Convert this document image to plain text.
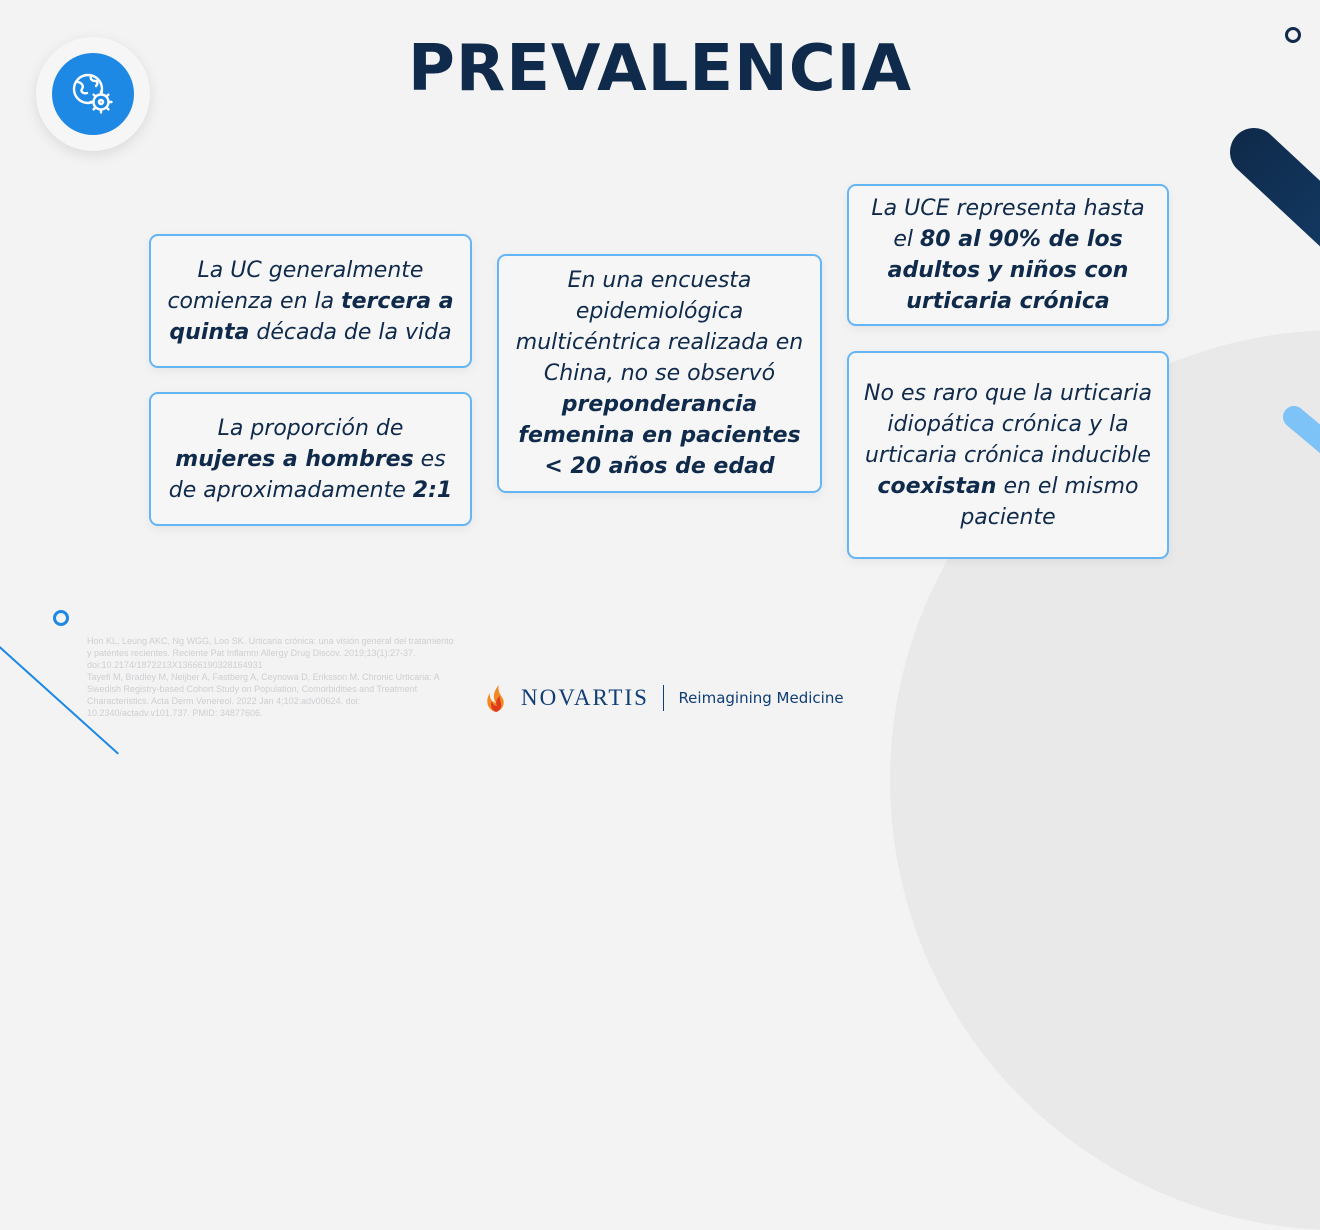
PREVALENCIA
La UC generalmente comienza en la tercera a quinta década de la vida
La proporción de mujeres a hombres es de aproximadamente 2:1
En una encuesta epidemiológica multicéntrica realizada en China, no se observó preponderancia femenina en pacientes < 20 años de edad
La UCE representa hasta el 80 al 90% de los adultos y niños con urticaria crónica
No es raro que la urticaria idiopática crónica y la urticaria crónica inducible coexistan en el mismo paciente
Hon KL, Leung AKC, Ng WGG, Loo SK. Urticaria crónica: una visión general del tratamiento y patentes recientes. Reciente Pat Inflamm Allergy Drug Discov. 2019;13(1):27-37. doi:10.2174/1872213X13666190328164931
Tayefi M, Bradley M, Neijber A, Fastberg A, Ceynowa D, Eriksson M. Chronic Urticaria: A Swedish Registry-based Cohort Study on Population, Comorbidities and Treatment Characteristics. Acta Derm Venereol. 2022 Jan 4;102:adv00624. doi: 10.2340/actadv.v101.737. PMID: 34877606.
NOVARTIS Reimagining Medicine
